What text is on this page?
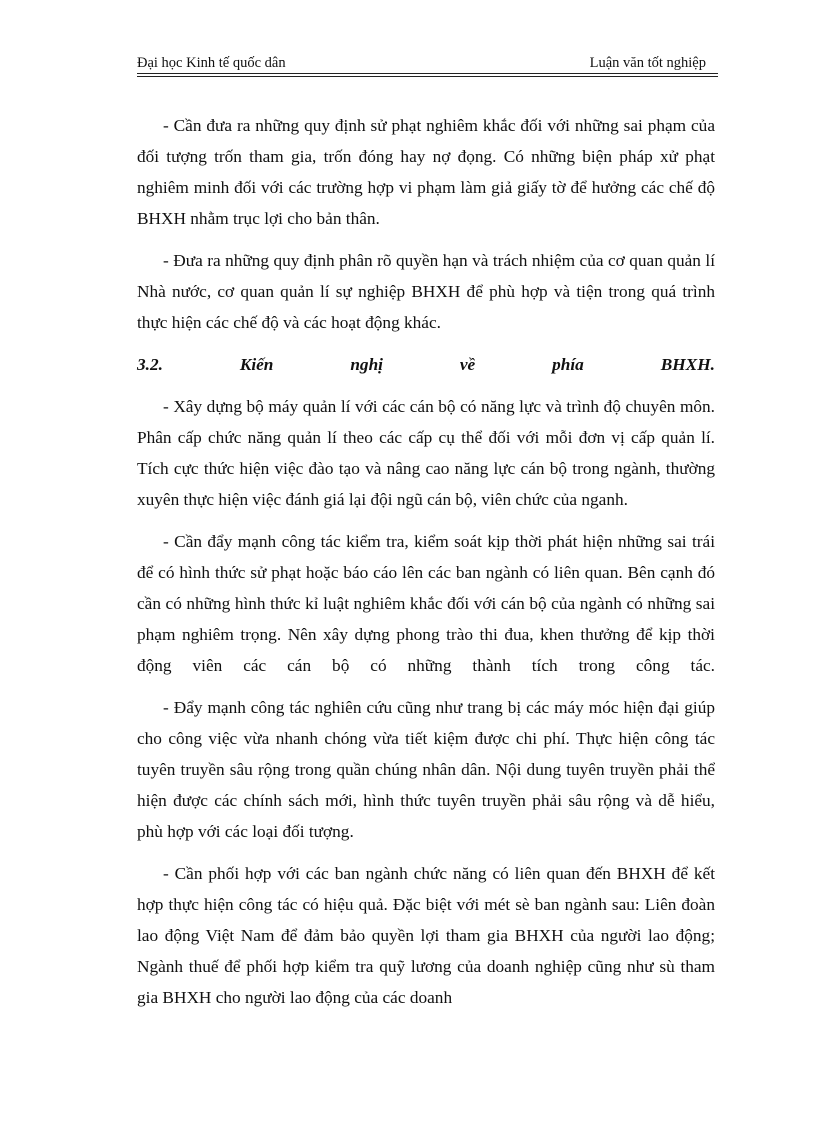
Đại học Kinh tế quốc dân	Luận văn tốt nghiệp

- Cần đưa ra những quy định sử phạt nghiêm khắc đối với những sai phạm của đối tượng trốn tham gia, trốn đóng hay nợ đọng. Có những biện pháp xử phạt nghiêm minh đối với các trường hợp vi phạm làm giả giấy tờ để hưởng các chế độ BHXH nhằm trục lợi cho bản thân.

- Đưa ra những quy định phân rõ quyền hạn và trách nhiệm của cơ quan quản lí Nhà nước, cơ quan quản lí sự nghiệp BHXH để phù hợp và tiện trong quá trình thực hiện các chế độ và các hoạt động khác.

3.2.	Kiến	nghị	về	phía	BHXH.

- Xây dựng bộ máy quản lí với các cán bộ có năng lực và trình độ chuyên môn. Phân cấp chức năng quản lí theo các cấp cụ thể đối với mỗi đơn vị cấp quản lí. Tích cực thức hiện việc đào tạo và nâng cao năng lực cán bộ trong ngành, thường xuyên thực hiện việc đánh giá lại đội ngũ cán bộ, viên chức của nganh.

- Cần đẩy mạnh công tác kiểm tra, kiểm soát kịp thời phát hiện những sai trái để có hình thức sử phạt hoặc báo cáo lên các ban ngành có liên quan. Bên cạnh đó cần có những hình thức kỉ luật nghiêm khắc đối với cán bộ của ngành có những sai phạm nghiêm trọng. Nên xây dựng phong trào thi đua, khen thưởng để kịp thời động viên các cán bộ có những thành tích trong công tác.

- Đẩy mạnh công tác nghiên cứu cũng như trang bị các máy móc hiện đại giúp cho công việc vừa nhanh chóng vừa tiết kiệm được chi phí. Thực hiện công tác tuyên truyền sâu rộng trong quần chúng nhân dân. Nội dung tuyên truyền phải thể hiện được các chính sách mới, hình thức tuyên truyền phải sâu rộng và dễ hiểu, phù hợp với các loại đối tượng.

- Cần phối hợp với các ban ngành chức năng có liên quan đến BHXH để kết hợp thực hiện công tác có hiệu quả. Đặc biệt với mét sè ban ngành sau: Liên đoàn lao động Việt Nam để đảm bảo quyền lợi tham gia BHXH của người lao động; Ngành thuế để phối hợp kiểm tra quỹ lương của doanh nghiệp cũng như sù tham gia BHXH cho người lao động của các doanh
